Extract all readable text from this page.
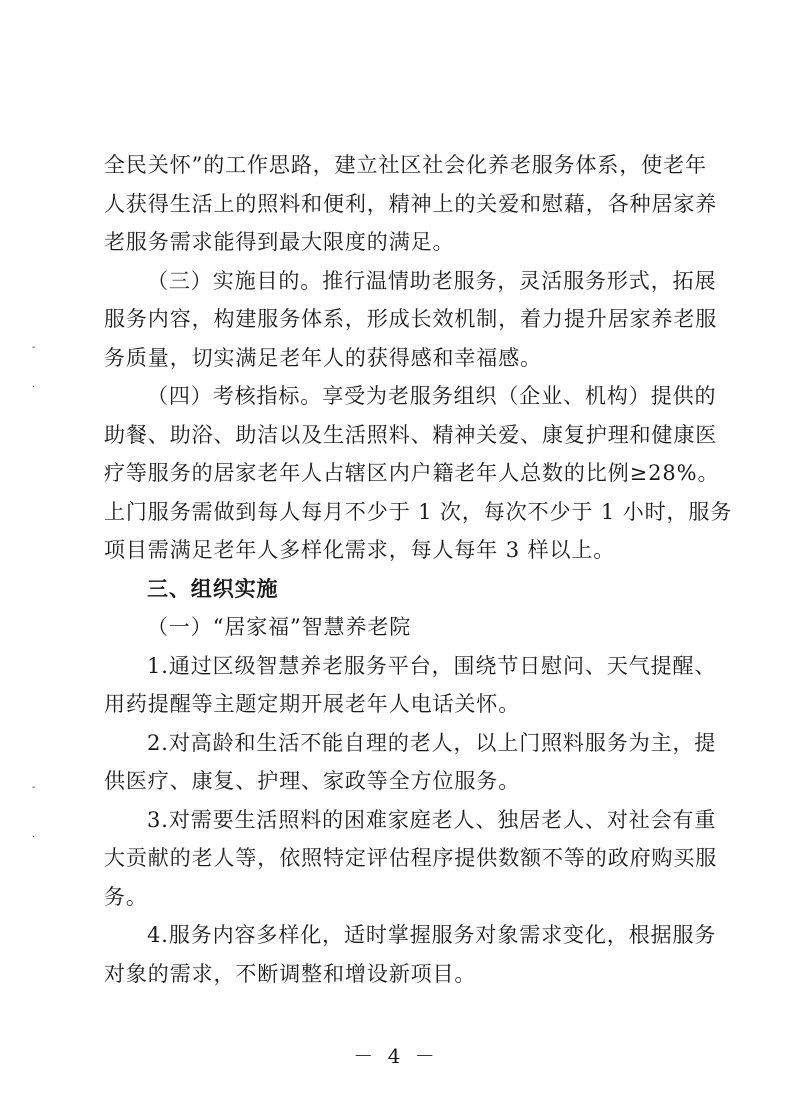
全民关怀”的工作思路，建立社区社会化养老服务体系，使老年
人获得生活上的照料和便利，精神上的关爱和慰藉，各种居家养
老服务需求能得到最大限度的满足。
（三）实施目的。推行温情助老服务，灵活服务形式，拓展
服务内容，构建服务体系，形成长效机制，着力提升居家养老服
务质量，切实满足老年人的获得感和幸福感。
（四）考核指标。享受为老服务组织（企业、机构）提供的
助餐、助浴、助洁以及生活照料、精神关爱、康复护理和健康医
疗等服务的居家老年人占辖区内户籍老年人总数的比例≥28%。
上门服务需做到每人每月不少于 1 次，每次不少于 1 小时，服务
项目需满足老年人多样化需求，每人每年 3 样以上。
三、组织实施
（一）“居家福”智慧养老院
1.通过区级智慧养老服务平台，围绕节日慰问、天气提醒、
用药提醒等主题定期开展老年人电话关怀。
2.对高龄和生活不能自理的老人，以上门照料服务为主，提
供医疗、康复、护理、家政等全方位服务。
3.对需要生活照料的困难家庭老人、独居老人、对社会有重
大贡献的老人等，依照特定评估程序提供数额不等的政府购买服
务。
4.服务内容多样化，适时掌握服务对象需求变化，根据服务
－ 4 －
-
·
-
·
对象的需求，不断调整和增设新项目。
